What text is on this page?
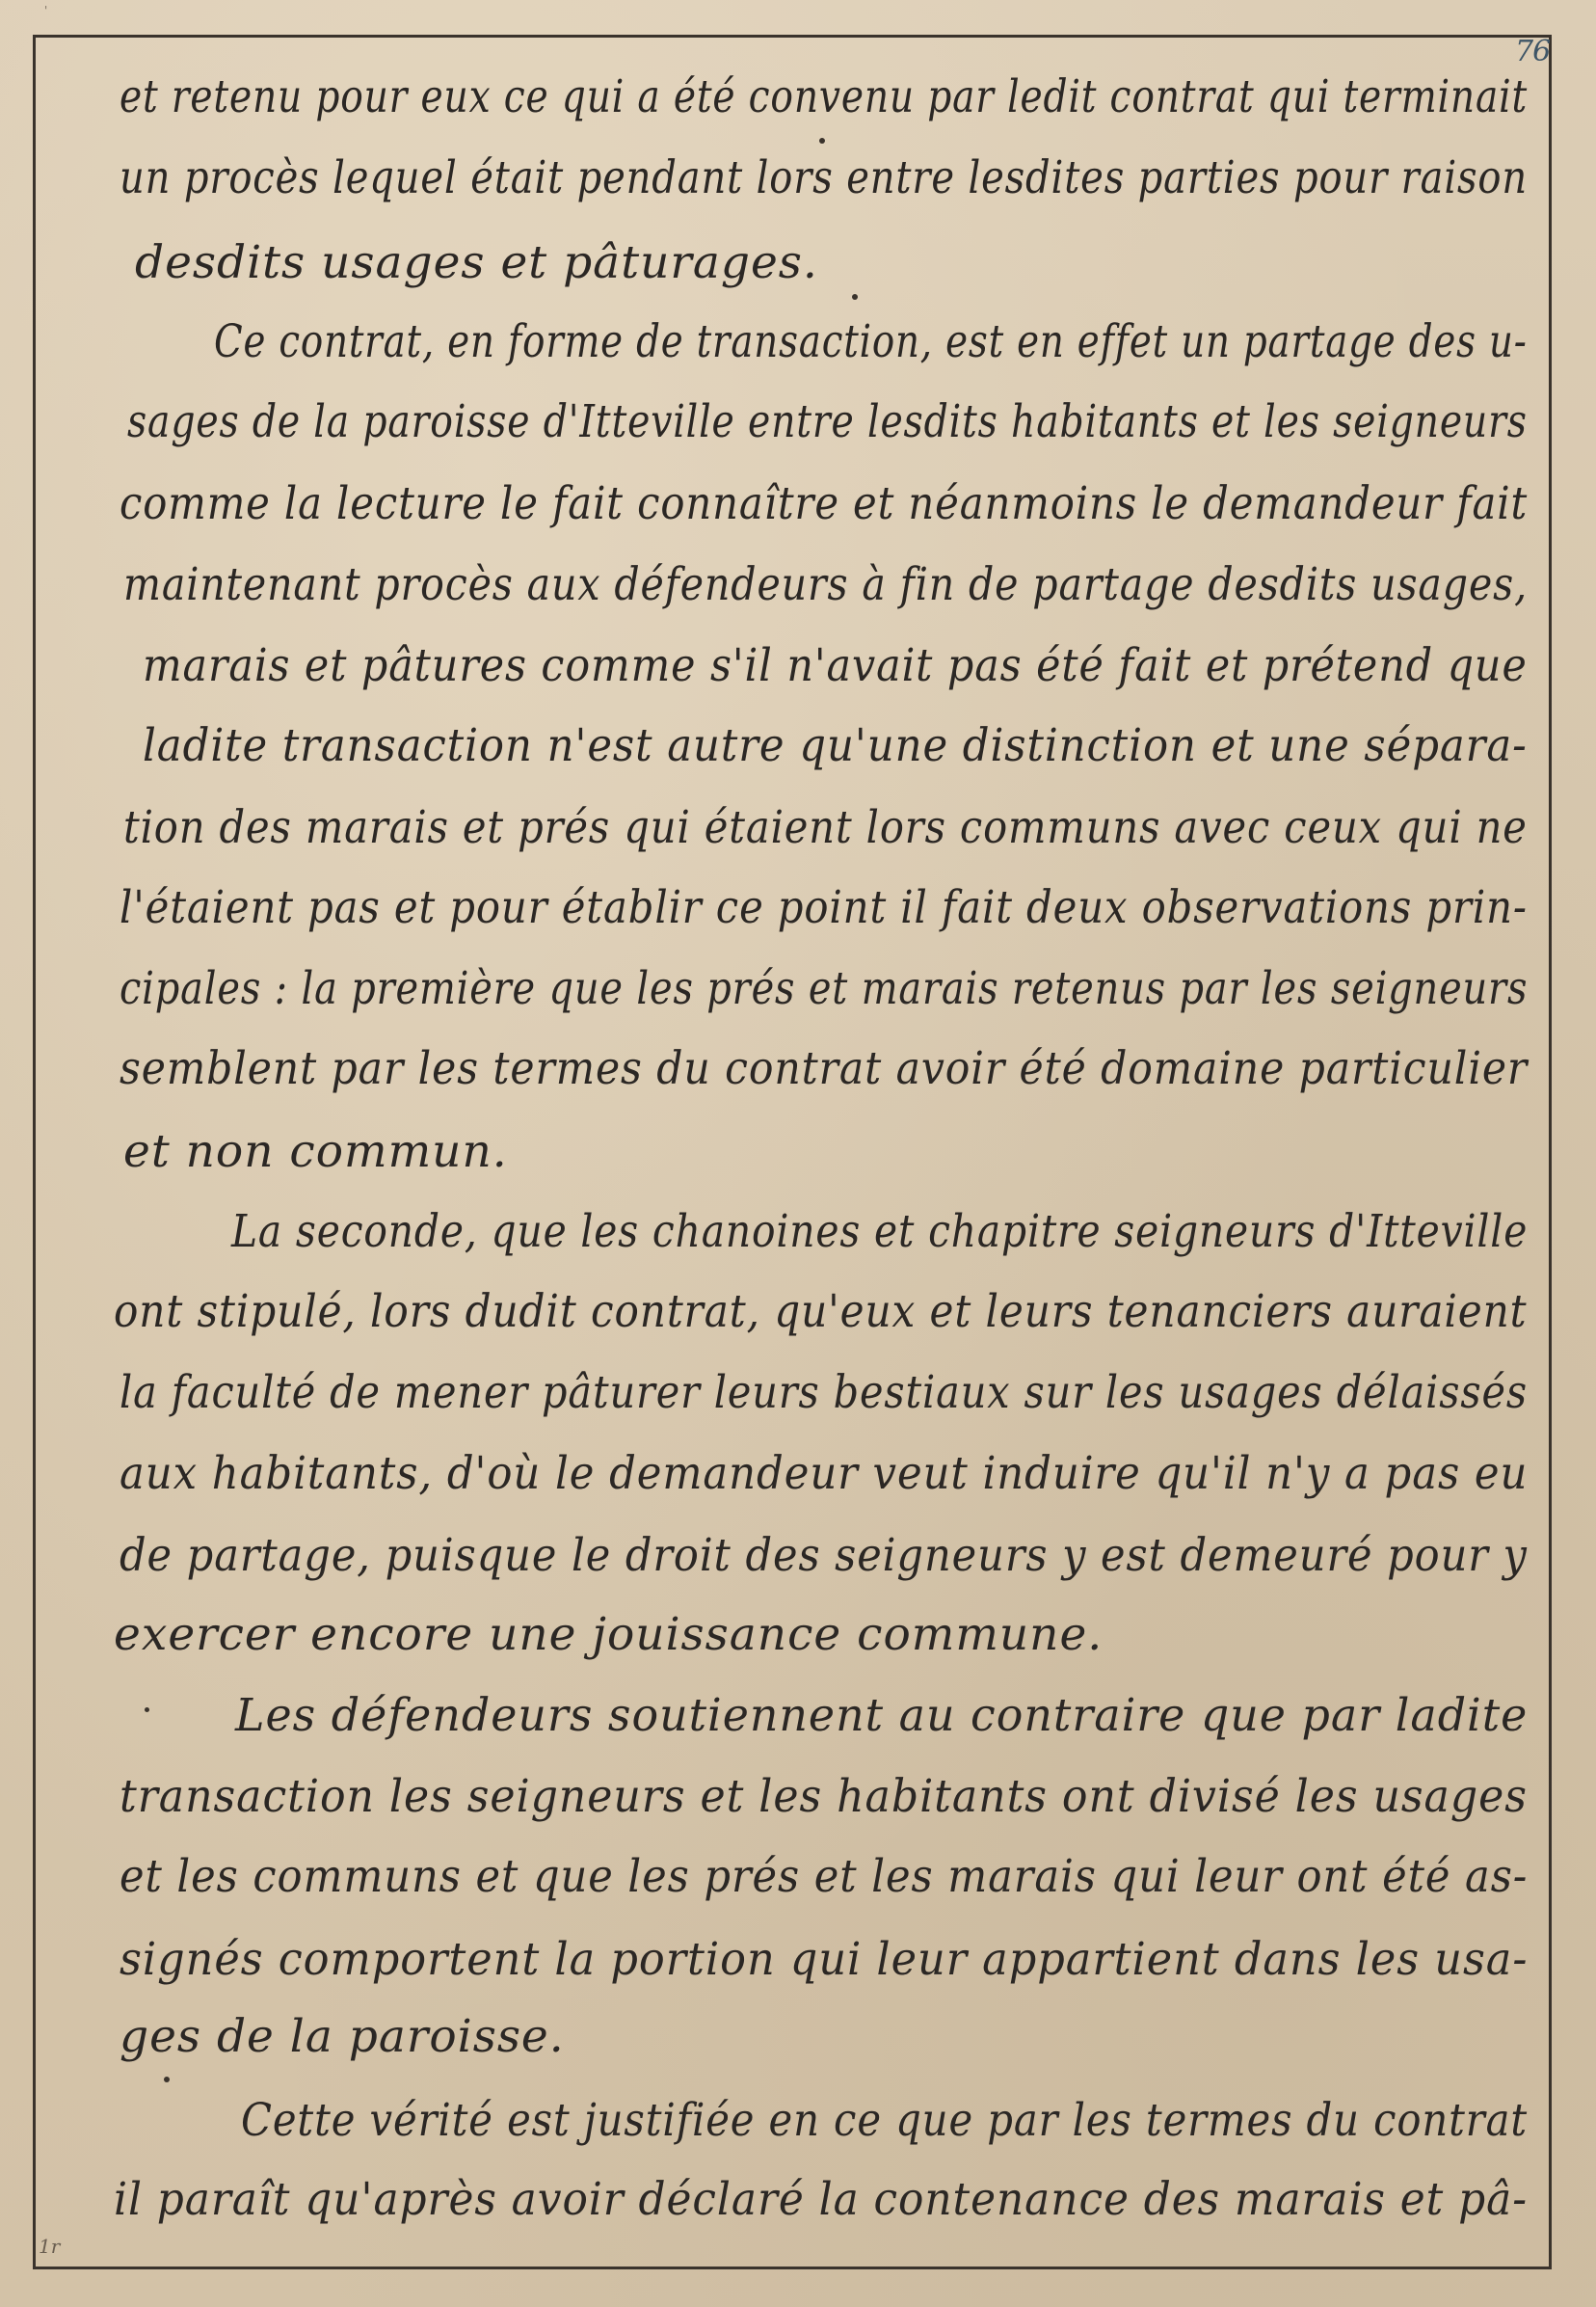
'
76
et retenu pour eux ce qui a été convenu par ledit contrat qui terminait
un procès lequel était pendant lors entre lesdites parties pour raison
desdits usages et pâturages.
Ce contrat, en forme de transaction, est en effet un partage des u-
sages de la paroisse d'Itteville entre lesdits habitants et les seigneurs
comme la lecture le fait connaître et néanmoins le demandeur fait
maintenant procès aux défendeurs à fin de partage desdits usages,
marais et pâtures comme s'il n'avait pas été fait et prétend que
ladite transaction n'est autre qu'une distinction et une sépara-
tion des marais et prés qui étaient lors communs avec ceux qui ne
l'étaient pas et pour établir ce point il fait deux observations prin-
cipales : la première que les prés et marais retenus par les seigneurs
semblent par les termes du contrat avoir été domaine particulier
et non commun.
La seconde, que les chanoines et chapitre seigneurs d'Itteville
ont stipulé, lors dudit contrat, qu'eux et leurs tenanciers auraient
la faculté de mener pâturer leurs bestiaux sur les usages délaissés
aux habitants, d'où le demandeur veut induire qu'il n'y a pas eu
de partage, puisque le droit des seigneurs y est demeuré pour y
exercer encore une jouissance commune.
Les défendeurs soutiennent au contraire que par ladite
transaction les seigneurs et les habitants ont divisé les usages
et les communs et que les prés et les marais qui leur ont été as-
signés comportent la portion qui leur appartient dans les usa-
ges de la paroisse.
Cette vérité est justifiée en ce que par les termes du contrat
il paraît qu'après avoir déclaré la contenance des marais et pâ-
1r
